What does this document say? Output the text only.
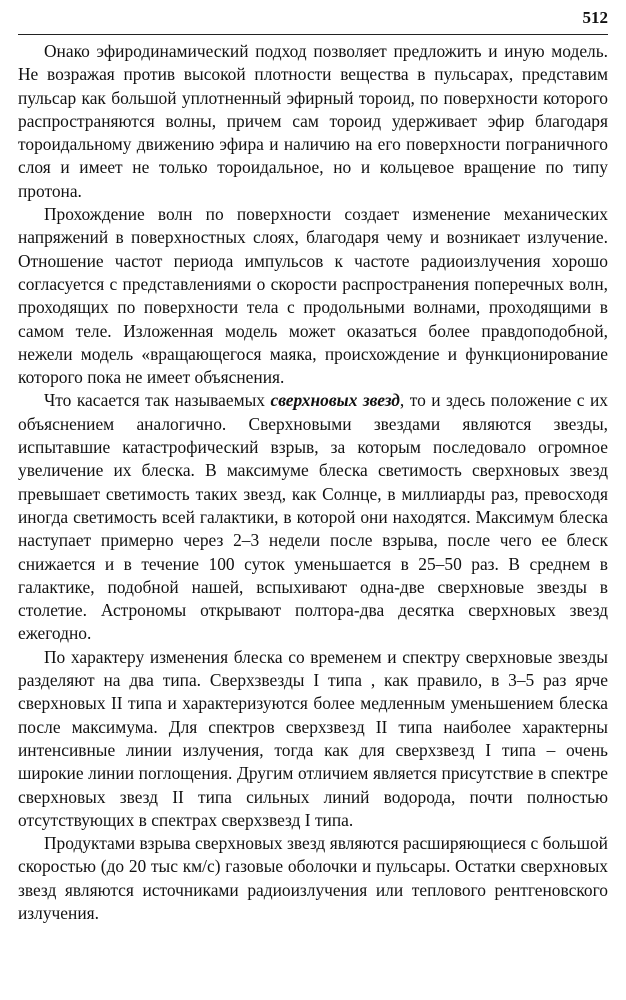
512

Онако эфиродинамический подход позволяет предложить и иную модель. Не возражая против высокой плотности вещества в пульсарах, представим пульсар как большой уплотненный эфирный тороид, по поверхности которого распространяются волны, причем сам тороид удерживает эфир благодаря тороидальному движению эфира и наличию на его поверхности пограничного слоя и имеет не только тороидальное, но и кольцевое вращение по типу протона.

Прохождение волн по поверхности создает изменение механических напряжений в поверхностных слоях, благодаря чему и возникает излучение. Отношение частот периода импульсов к частоте радиоизлучения хорошо согласуется с представлениями о скорости распространения поперечных волн, проходящих по поверхности тела с продольными волнами, проходящими в самом теле. Изложенная модель может оказаться более правдоподобной, нежели модель «вращающегося маяка, происхождение и функционирование которого пока не имеет объяснения.

Что касается так называемых сверхновых звезд, то и здесь положение с их объяснением аналогично. Сверхновыми звездами являются звезды, испытавшие катастрофический взрыв, за которым последовало огромное увеличение их блеска. В максимуме блеска светимость сверхновых звезд превышает светимость таких звезд, как Солнце, в миллиарды раз, превосходя иногда светимость всей галактики, в которой они находятся. Максимум блеска наступает примерно через 2–3 недели после взрыва, после чего ее блеск снижается и в течение 100 суток уменьшается в 25–50 раз. В среднем в галактике, подобной нашей, вспыхивают одна-две сверхновые звезды в столетие. Астрономы открывают полтора-два десятка сверхновых звезд ежегодно.

По характеру изменения блеска со временем и спектру сверхновые звезды разделяют на два типа. Сверхзвезды I типа , как правило, в 3–5 раз ярче сверхновых II типа и характеризуются более медленным уменьшением блеска после максимума. Для спектров сверхзвезд II типа наиболее характерны интенсивные линии излучения, тогда как для сверхзвезд I типа – очень широкие линии поглощения. Другим отличием является присутствие в спектре сверхновых звезд II типа сильных линий водорода, почти полностью отсутствующих в спектрах сверхзвезд I типа.

Продуктами взрыва сверхновых звезд являются расширяющиеся с большой скоростью (до 20 тыс км/с) газовые оболочки и пульсары. Остатки сверхновых звезд являются источниками радиоизлучения или теплового рентгеновского излучения.
